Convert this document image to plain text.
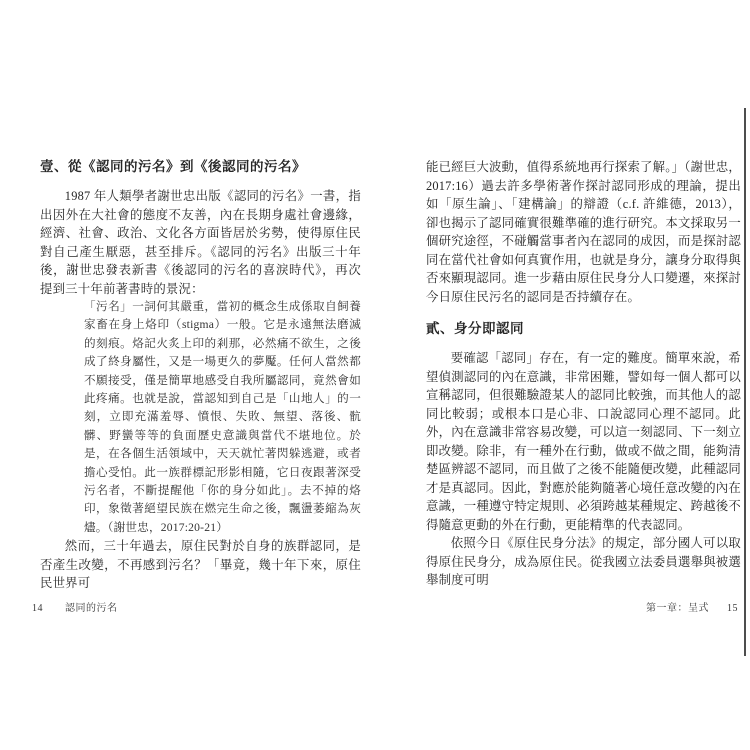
壹、從《認同的污名》到《後認同的污名》

1987 年人類學者謝世忠出版《認同的污名》一書，指出因外在大社會的態度不友善，內在長期身處社會邊緣，經濟、社會、政治、文化各方面皆居於劣勢，使得原住民對自己產生厭惡，甚至排斥。《認同的污名》出版三十年後，謝世忠發表新書《後認同的污名的喜淚時代》，再次提到三十年前著書時的景況：

「污名」一詞何其嚴重，當初的概念生成係取自飼養家畜在身上烙印（stigma）一般。它是永遠無法磨滅的刻痕。烙記火炙上印的剎那，必然痛不欲生，之後成了終身屬性，又是一場更久的夢魘。任何人當然都不願接受，僅是簡單地感受自我所屬認同，竟然會如此疼痛。也就是說，當認知到自己是「山地人」的一刻，立即充滿羞辱、憤恨、失敗、無望、落後、骯髒、野蠻等等的負面歷史意識與當代不堪地位。於是，在各個生活領域中，天天就忙著閃躲逃避，或者擔心受怕。此一族群標記形影相隨，它日夜跟著深受污名者，不斷提醒他「你的身分如此」。去不掉的烙印，象徵著絕望民族在燃完生命之後，飄盪萎縮為灰燼。（謝世忠，2017:20-21）

然而，三十年過去，原住民對於自身的族群認同，是否產生改變，不再感到污名？「畢竟，幾十年下來，原住民世界可

能已經巨大波動，值得系統地再行探索了解。」（謝世忠，2017:16）過去許多學術著作探討認同形成的理論，提出如「原生論」、「建構論」的辯證（c.f. 許維德，2013），卻也揭示了認同確實很難準確的進行研究。本文採取另一個研究途徑，不碰觸當事者內在認同的成因，而是探討認同在當代社會如何真實作用，也就是身分，讓身分取得與否來顯現認同。進一步藉由原住民身分人口變遷，來探討今日原住民污名的認同是否持續存在。

貳、身分即認同

要確認「認同」存在，有一定的難度。簡單來說，希望偵測認同的內在意識，非常困難，譬如每一個人都可以宣稱認同，但很難驗證某人的認同比較強，而其他人的認同比較弱；或根本口是心非、口說認同心理不認同。此外，內在意識非常容易改變，可以這一刻認同、下一刻立即改變。除非，有一種外在行動，做或不做之間，能夠清楚區辨認不認同，而且做了之後不能隨便改變，此種認同才是真認同。因此，對應於能夠隨著心境任意改變的內在意識，一種遵守特定規則、必須跨越某種規定、跨越後不得隨意更動的外在行動，更能精準的代表認同。

依照今日《原住民身分法》的規定，部分國人可以取得原住民身分，成為原住民。從我國立法委員選舉與被選舉制度可明

14 認同的污名	第一章：呈式 15
